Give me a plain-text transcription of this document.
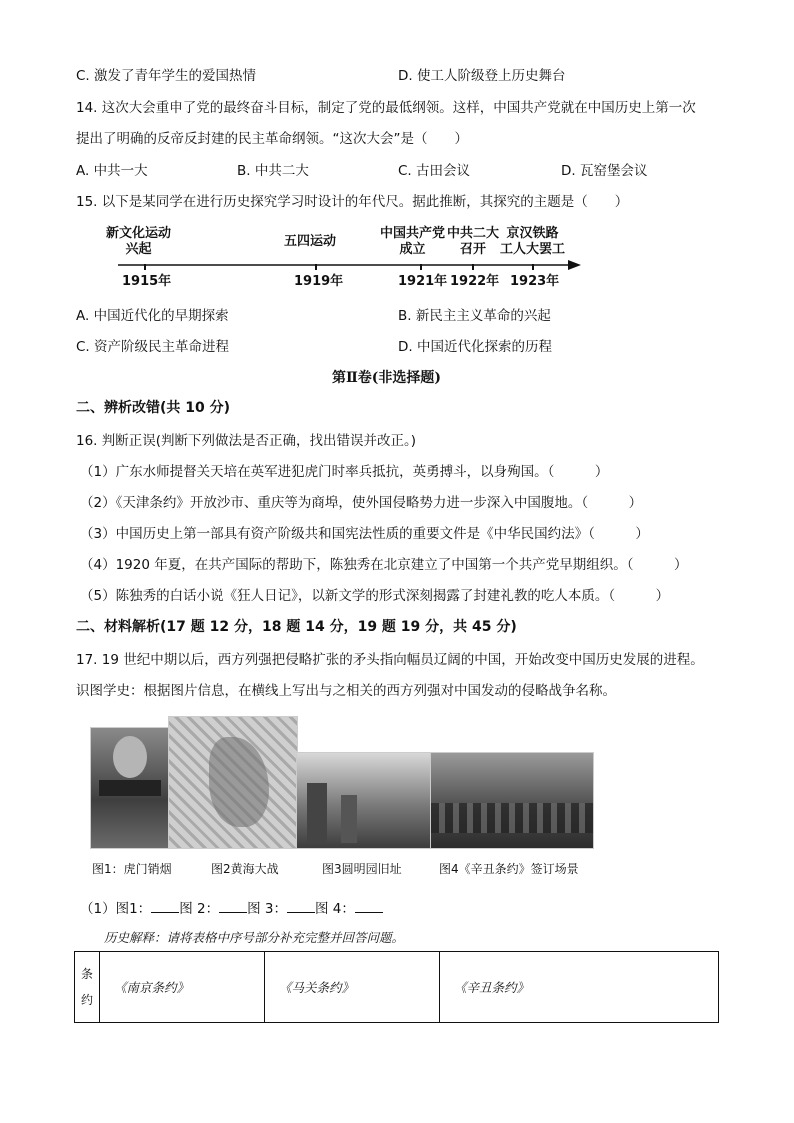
C. 激发了青年学生的爱国热情	D. 使工人阶级登上历史舞台
14. 这次大会重申了党的最终奋斗目标，制定了党的最低纲领。这样，中国共产党就在中国历史上第一次
提出了明确的反帝反封建的民主革命纲领。“这次大会”是（　　）
A. 中共一大	B. 中共二大	C. 古田会议	D. 瓦窑堡会议
15. 以下是某同学在进行历史探究学习时设计的年代尺。据此推断，其探究的主题是（　　）
新文化运动
兴起
1915年
五四运动
1919年
中国共产党
成立
1921年
中共二大
召开
1922年
京汉铁路
工人大罢工
1923年
A. 中国近代化的早期探索	B. 新民主主义革命的兴起
C. 资产阶级民主革命进程	D. 中国近代化探索的历程
第Ⅱ卷(非选择题)
二、辨析改错(共 10 分)
16. 判断正误(判断下列做法是否正确，找出错误并改正。)
（1）广东水师提督关天培在英军进犯虎门时率兵抵抗，英勇搏斗，以身殉国。（　　　）
（2）《天津条约》开放沙市、重庆等为商埠，使外国侵略势力进一步深入中国腹地。（　　　）
（3）中国历史上第一部具有资产阶级共和国宪法性质的重要文件是《中华民国约法》（　　　）
（4）1920 年夏，在共产国际的帮助下，陈独秀在北京建立了中国第一个共产党早期组织。（　　　）
（5）陈独秀的白话小说《狂人日记》，以新文学的形式深刻揭露了封建礼教的吃人本质。（　　　）
二、材料解析(17 题 12 分，18 题 14 分，19 题 19 分，共 45 分)
17. 19 世纪中期以后，西方列强把侵略扩张的矛头指向幅员辽阔的中国，开始改变中国历史发展的进程。
识图学史：根据图片信息，在横线上写出与之相关的西方列强对中国发动的侵略战争名称。
图1：虎门销烟	图2黄海大战	图3圆明园旧址	图4《辛丑条约》签订场景
（1）图1： 图 2： 图 3： 图 4：
历史解释：请将表格中序号部分补充完整并回答问题。
条约	《南京条约》	《马关条约》	《辛丑条约》
